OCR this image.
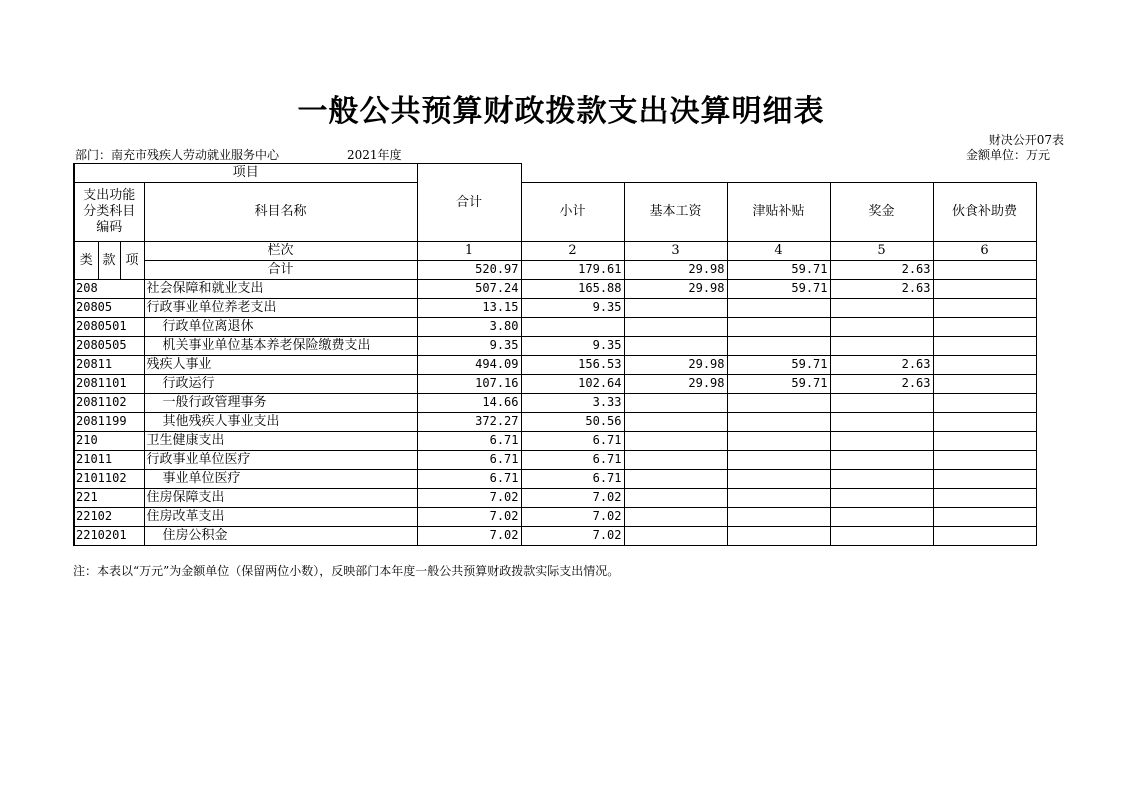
一般公共预算财政拨款支出决算明细表
财决公开07表
部门：南充市残疾人劳动就业服务中心	2021年度	金额单位：万元
项目				合计					
支出功能分类科目编码			科目名称		小计	基本工资	津贴补贴	奖金	伙食补助费
类	款	项	栏次	1	2	3	4	5	6
			合计	520.97	179.61	29.98	59.71	2.63	
208			社会保障和就业支出	507.24	165.88	29.98	59.71	2.63	
20805			行政事业单位养老支出	13.15	9.35				
2080501			行政单位离退休	3.80					
2080505			机关事业单位基本养老保险缴费支出	9.35	9.35				
20811			残疾人事业	494.09	156.53	29.98	59.71	2.63	
2081101			行政运行	107.16	102.64	29.98	59.71	2.63	
2081102			一般行政管理事务	14.66	3.33				
2081199			其他残疾人事业支出	372.27	50.56				
210			卫生健康支出	6.71	6.71				
21011			行政事业单位医疗	6.71	6.71				
2101102			事业单位医疗	6.71	6.71				
221			住房保障支出	7.02	7.02				
22102			住房改革支出	7.02	7.02				
2210201			住房公积金	7.02	7.02				
注：本表以“万元”为金额单位（保留两位小数），反映部门本年度一般公共预算财政拨款实际支出情况。
